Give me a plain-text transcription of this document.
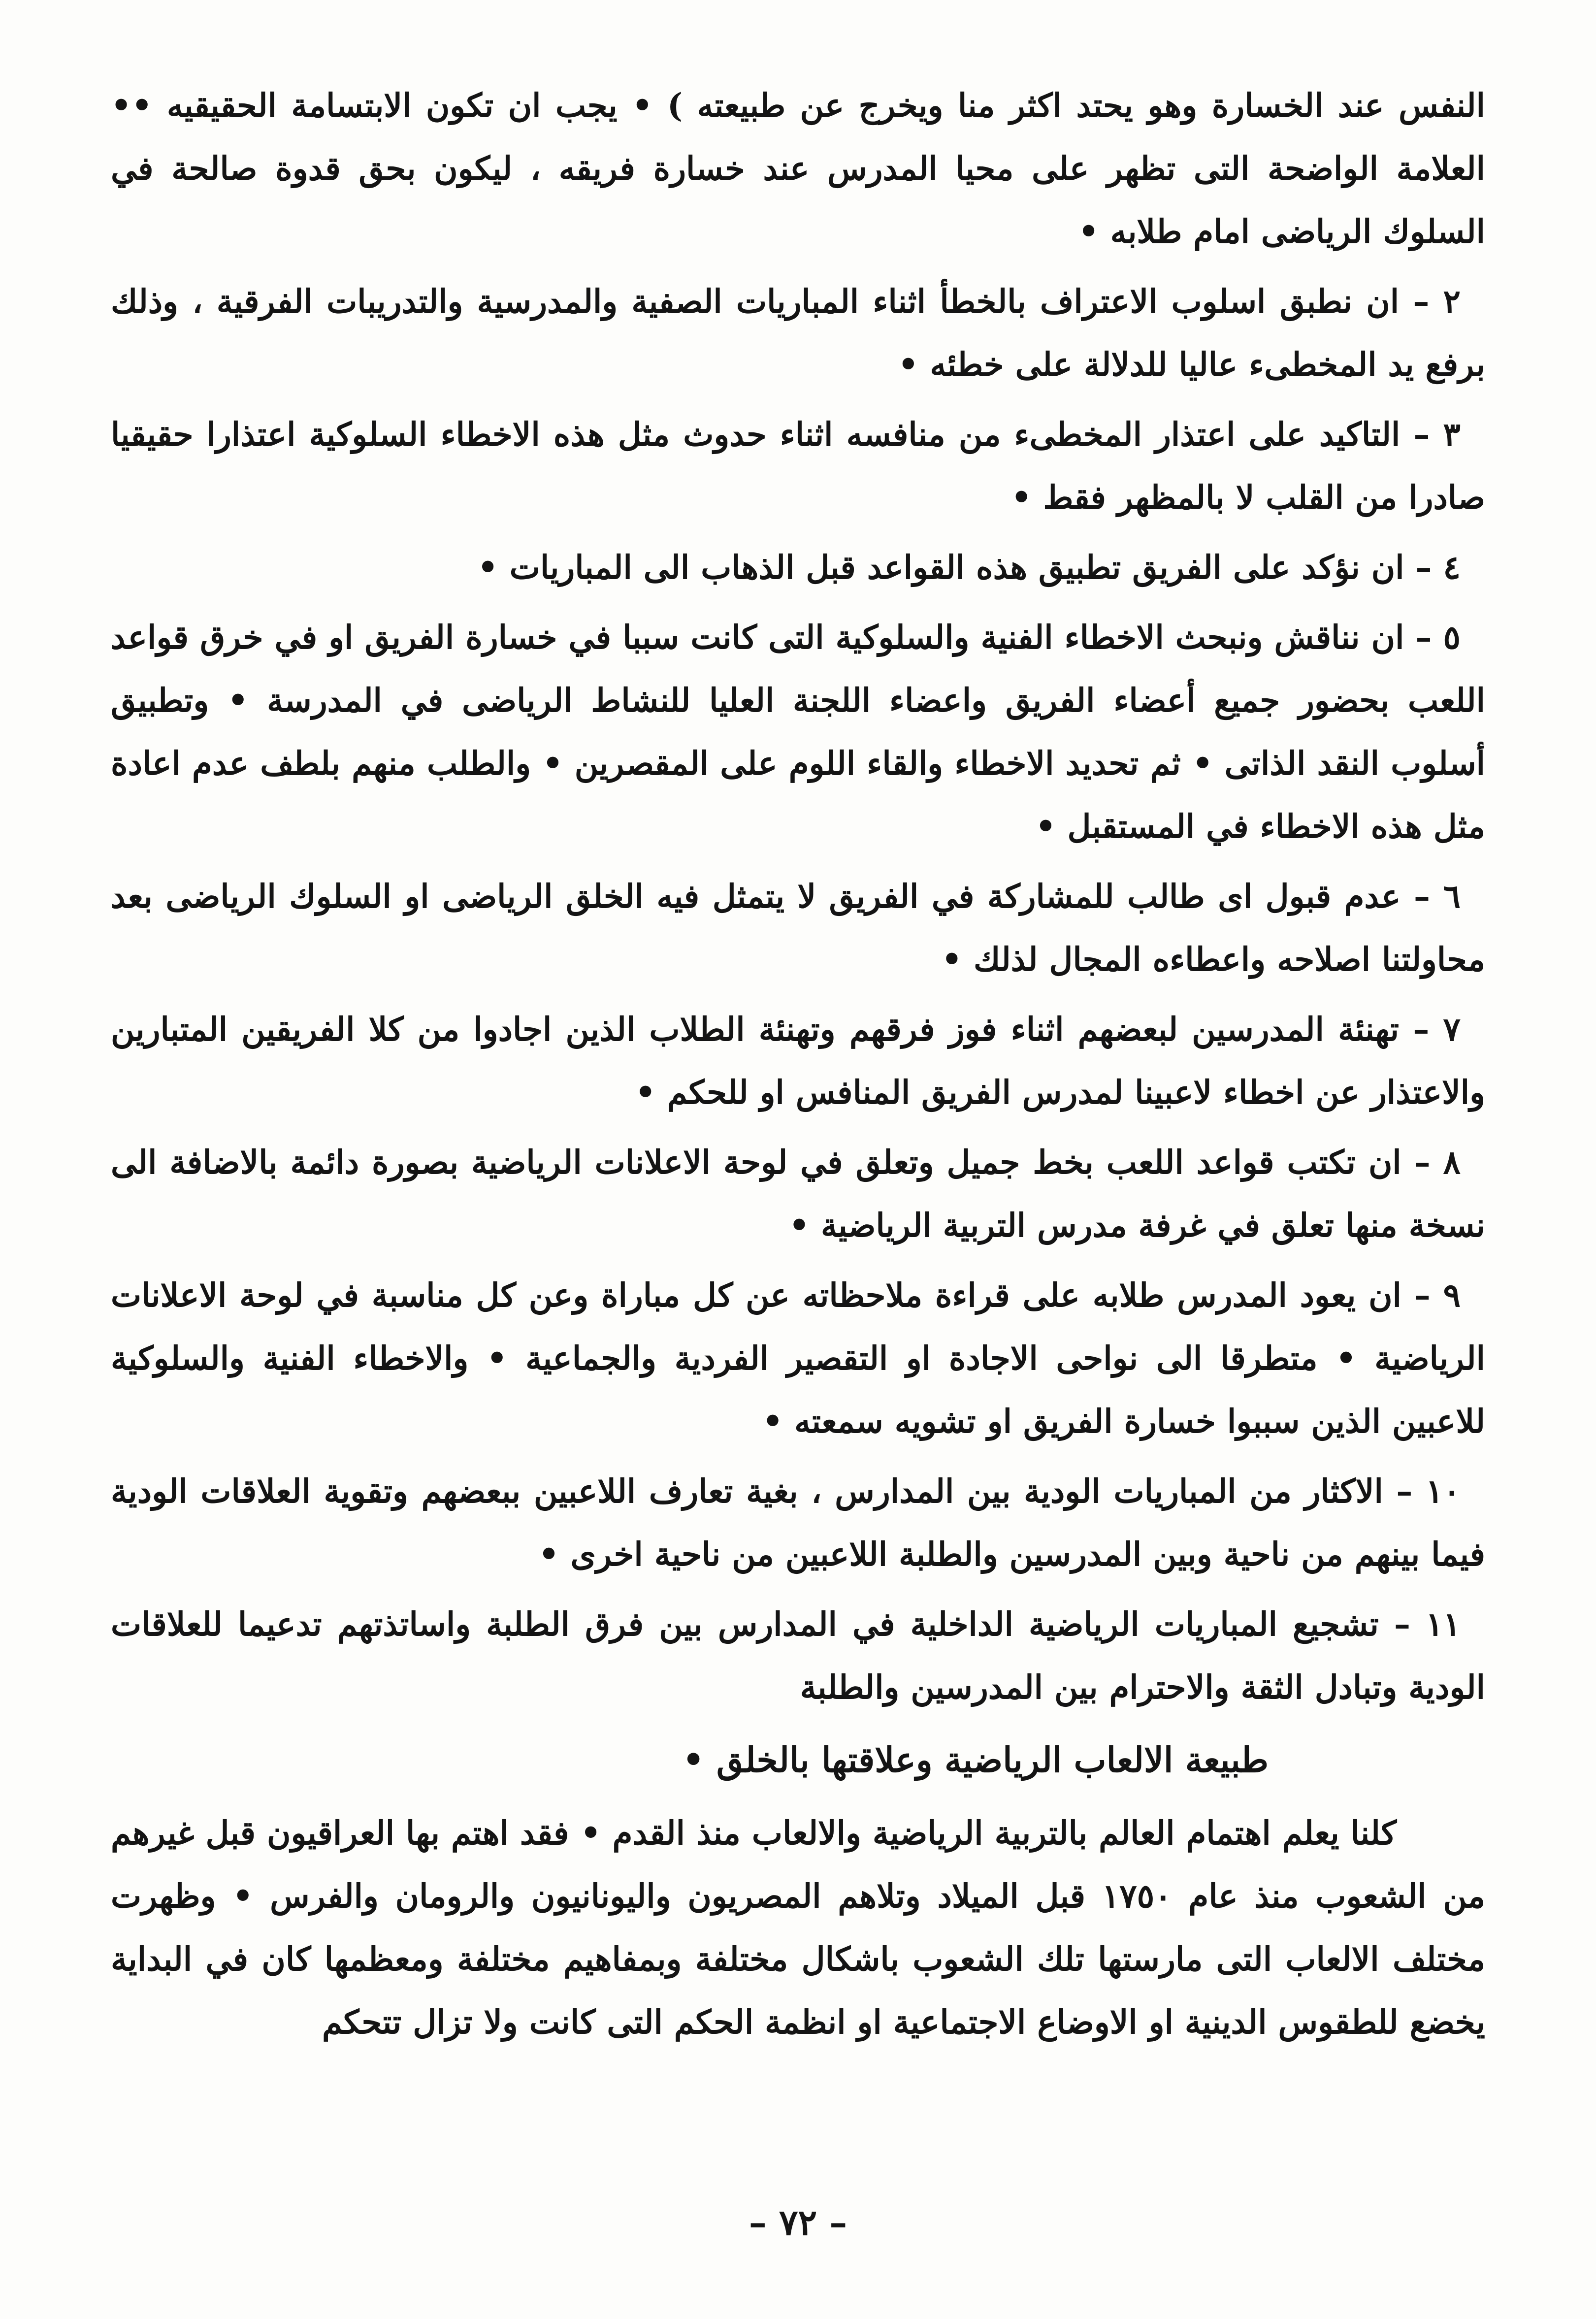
النفس عند الخسارة وهو يحتد اكثر منا ويخرج عن طبيعته ) • يجب ان تكون الابتسامة الحقيقيه •• العلامة الواضحة التى تظهر على محيا المدرس عند خسارة فريقه ، ليكون بحق قدوة صالحة في السلوك الرياضى امام طلابه •

٢ – ان نطبق اسلوب الاعتراف بالخطأ اثناء المباريات الصفية والمدرسية والتدريبات الفرقية ، وذلك برفع يد المخطىء عاليا للدلالة على خطئه •

٣ – التاكيد على اعتذار المخطىء من منافسه اثناء حدوث مثل هذه الاخطاء السلوكية اعتذارا حقيقيا صادرا من القلب لا بالمظهر فقط •

٤ – ان نؤكد على الفريق تطبيق هذه القواعد قبل الذهاب الى المباريات •

٥ – ان نناقش ونبحث الاخطاء الفنية والسلوكية التى كانت سببا في خسارة الفريق او في خرق قواعد اللعب بحضور جميع أعضاء الفريق واعضاء اللجنة العليا للنشاط الرياضى في المدرسة • وتطبيق أسلوب النقد الذاتى • ثم تحديد الاخطاء والقاء اللوم على المقصرين • والطلب منهم بلطف عدم اعادة مثل هذه الاخطاء في المستقبل •

٦ – عدم قبول اى طالب للمشاركة في الفريق لا يتمثل فيه الخلق الرياضى او السلوك الرياضى بعد محاولتنا اصلاحه واعطاءه المجال لذلك •

٧ – تهنئة المدرسين لبعضهم اثناء فوز فرقهم وتهنئة الطلاب الذين اجادوا من كلا الفريقين المتبارين والاعتذار عن اخطاء لاعبينا لمدرس الفريق المنافس او للحكم •

٨ – ان تكتب قواعد اللعب بخط جميل وتعلق في لوحة الاعلانات الرياضية بصورة دائمة بالاضافة الى نسخة منها تعلق في غرفة مدرس التربية الرياضية •

٩ – ان يعود المدرس طلابه على قراءة ملاحظاته عن كل مباراة وعن كل مناسبة في لوحة الاعلانات الرياضية • متطرقا الى نواحى الاجادة او التقصير الفردية والجماعية • والاخطاء الفنية والسلوكية للاعبين الذين سببوا خسارة الفريق او تشويه سمعته •

١٠ – الاكثار من المباريات الودية بين المدارس ، بغية تعارف اللاعبين ببعضهم وتقوية العلاقات الودية فيما بينهم من ناحية وبين المدرسين والطلبة اللاعبين من ناحية اخرى •

١١ – تشجيع المباريات الرياضية الداخلية في المدارس بين فرق الطلبة واساتذتهم تدعيما للعلاقات الودية وتبادل الثقة والاحترام بين المدرسين والطلبة

طبيعة الالعاب الرياضية وعلاقتها بالخلق •

كلنا يعلم اهتمام العالم بالتربية الرياضية والالعاب منذ القدم • فقد اهتم بها العراقيون قبل غيرهم من الشعوب منذ عام ١٧٥٠ قبل الميلاد وتلاهم المصريون واليونانيون والرومان والفرس • وظهرت مختلف الالعاب التى مارستها تلك الشعوب باشكال مختلفة وبمفاهيم مختلفة ومعظمها كان في البداية يخضع للطقوس الدينية او الاوضاع الاجتماعية او انظمة الحكم التى كانت ولا تزال تتحكم

– ٧٢ –
